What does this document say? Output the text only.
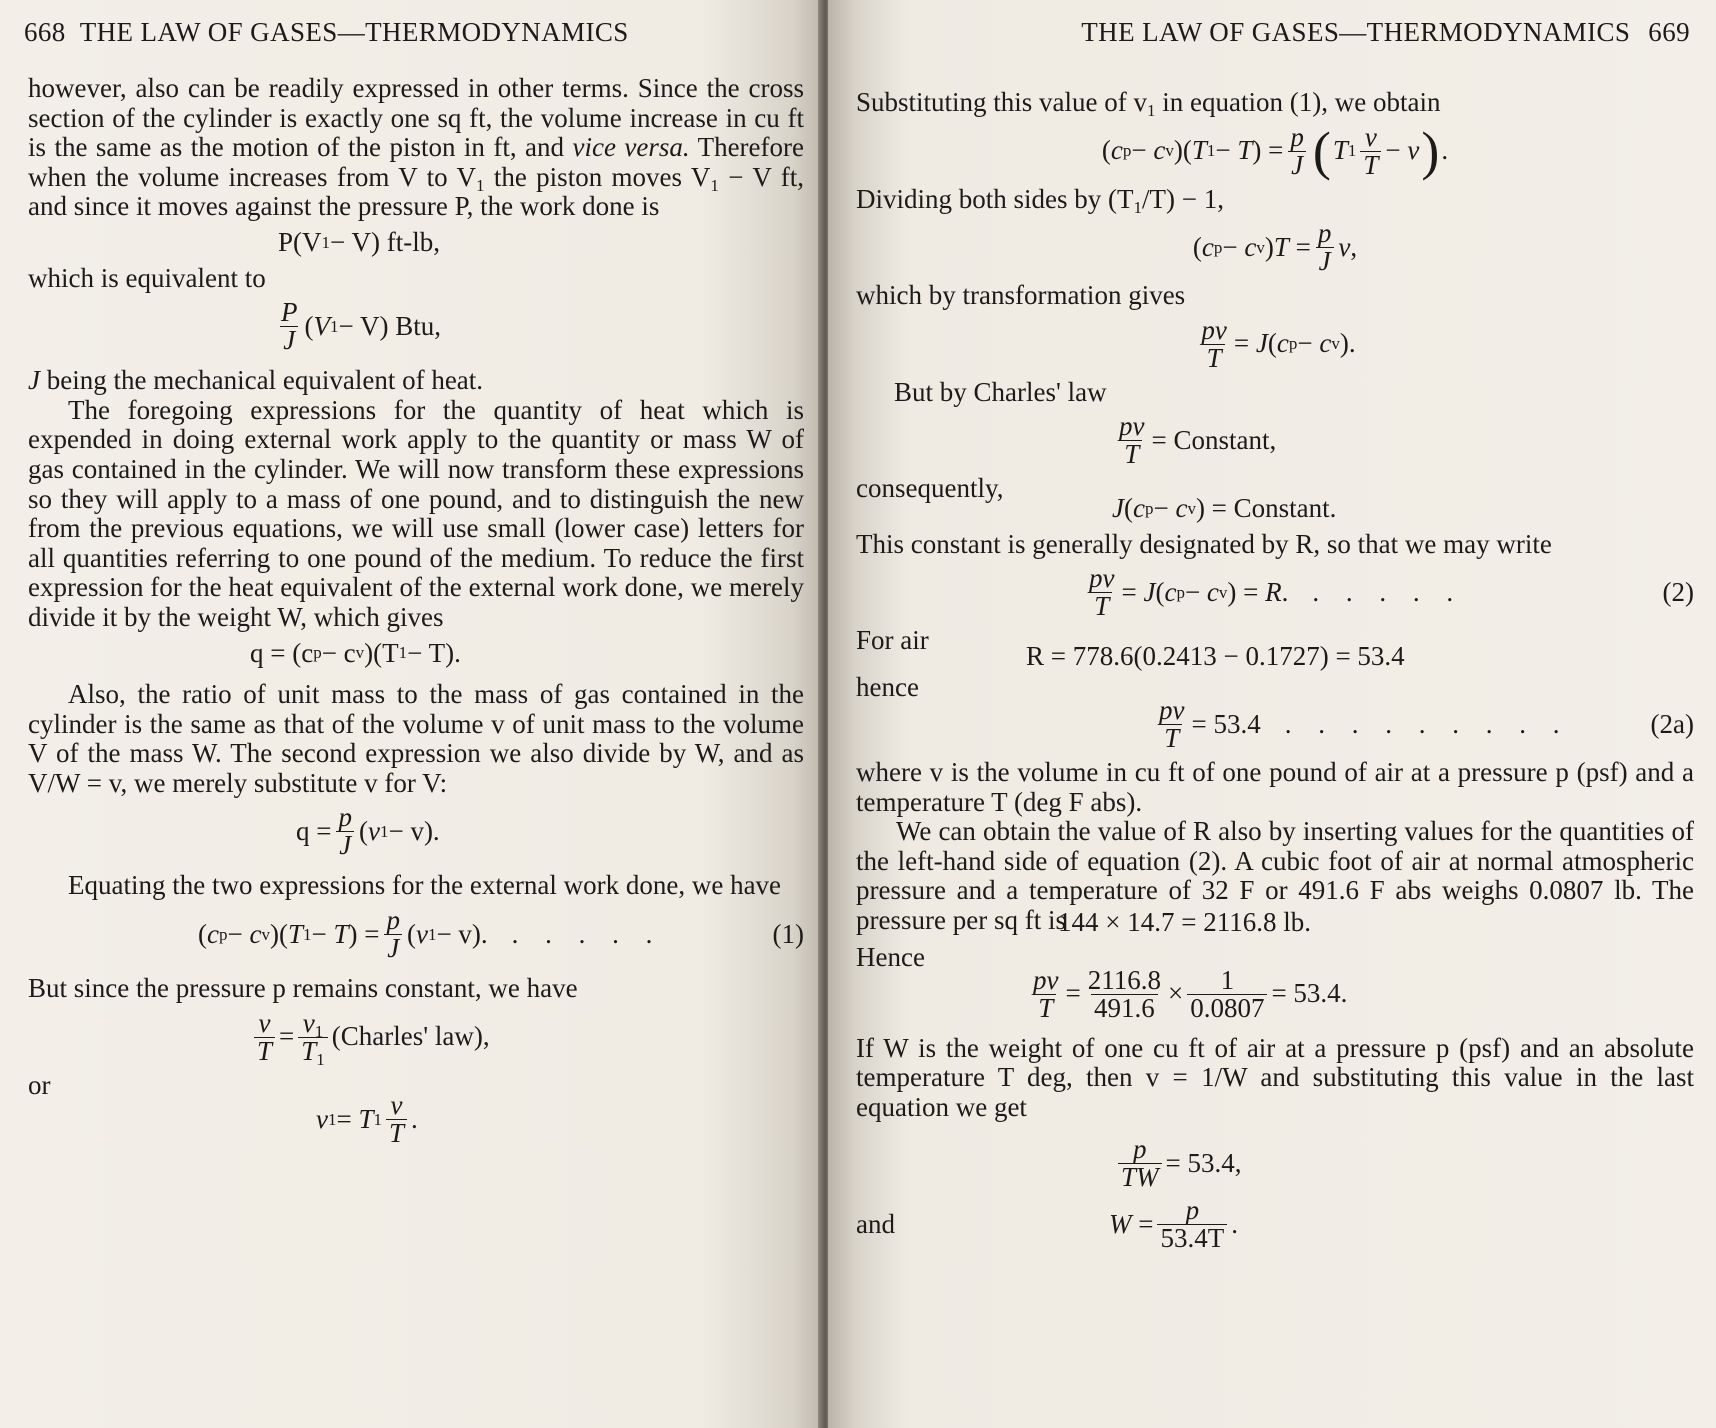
668 THE LAW OF GASES—THERMODYNAMICS

however, also can be readily expressed in other terms. Since the cross section of the cylinder is exactly one sq ft, the volume increase in cu ft is the same as the motion of the piston in ft, and vice versa. Therefore when the volume increases from V to $V_1$ the piston moves $V_1 - V$ ft, and since it moves against the pressure P, the work done is

P(V 1 − V) ft-lb,

which is equivalent to

$\frac{P}{J} (V$ 1 − V) Btu,

J being the mechanical equivalent of heat.

The foregoing expressions for the quantity of heat which is expended in doing external work apply to the quantity or mass W of gas contained in the cylinder. We will now transform these expressions so they will apply to a mass of one pound, and to distinguish the new from the previous equations, we will use small (lower case) letters for all quantities referring to one pound of the medium. To reduce the first expression for the heat equivalent of the external work done, we merely divide it by the weight W, which gives

q = (c p − c v )(T 1 − T).

Also, the ratio of unit mass to the mass of gas contained in the cylinder is the same as that of the volume v of unit mass to the volume V of the mass W. The second expression we also divide by W, and as V/W = v, we merely substitute v for V:

$q = \frac{p}{J} (v$ 1 − v).

Equating the two expressions for the external work done, we have

(c p − c v )(T $1 - T) = \frac{p}{J} (v$ 1 − v). . . . . .	(1)

But since the pressure p remains constant, we have

$\frac{v}{T} = \frac{v_1}{T_1}$ (Charles' law),

or

v 1 = T $1 \frac{v}{T}$ .
THE LAW OF GASES—THERMODYNAMICS 669

Substituting this value of $v_1$ in equation (1), we obtain

(c p − c v )(T $1 - T) = \frac{p}{J}$ ( T $1 \frac{v}{T} - v$ ) .

Dividing both sides by $(T_1/T) - 1$,

(c p − c v )$T = \frac{p}{J} v$,

which by transformation gives

$\frac{pv}{T} = J(c$ p − c v ).

But by Charles' law

$\frac{pv}{T}$ = Constant,

consequently,

J(c p − c v ) = Constant.

This constant is generally designated by R, so that we may write

$\frac{pv}{T} = J(c$ p − c v ) = R. . . . . .	(2)

For air

R = 778.6(0.2413 − 0.1727) = 53.4

hence

$\frac{pv}{T} = 53.4$ . . . . . . . . .	(2a)

where v is the volume in cu ft of one pound of air at a pressure p (psf) and a temperature T (deg F abs).

We can obtain the value of R also by inserting values for the quantities of the left-hand side of equation (2). A cubic foot of air at normal atmospheric pressure and a temperature of 32 F or 491.6 F abs weighs 0.0807 lb. The pressure per sq ft is

144 × 14.7 = 2116.8 lb.

Hence

$\frac{pv}{T} = \frac{2116.8}{491.6} \times \frac{1}{0.0807} = 53.4$.

If W is the weight of one cu ft of air at a pressure p (psf) and an absolute temperature T deg, then v = 1/W and substituting this value in the last equation we get

$\frac{p}{TW} = 53.4$,
and	$W = \frac{p}{53.4T}$ .
